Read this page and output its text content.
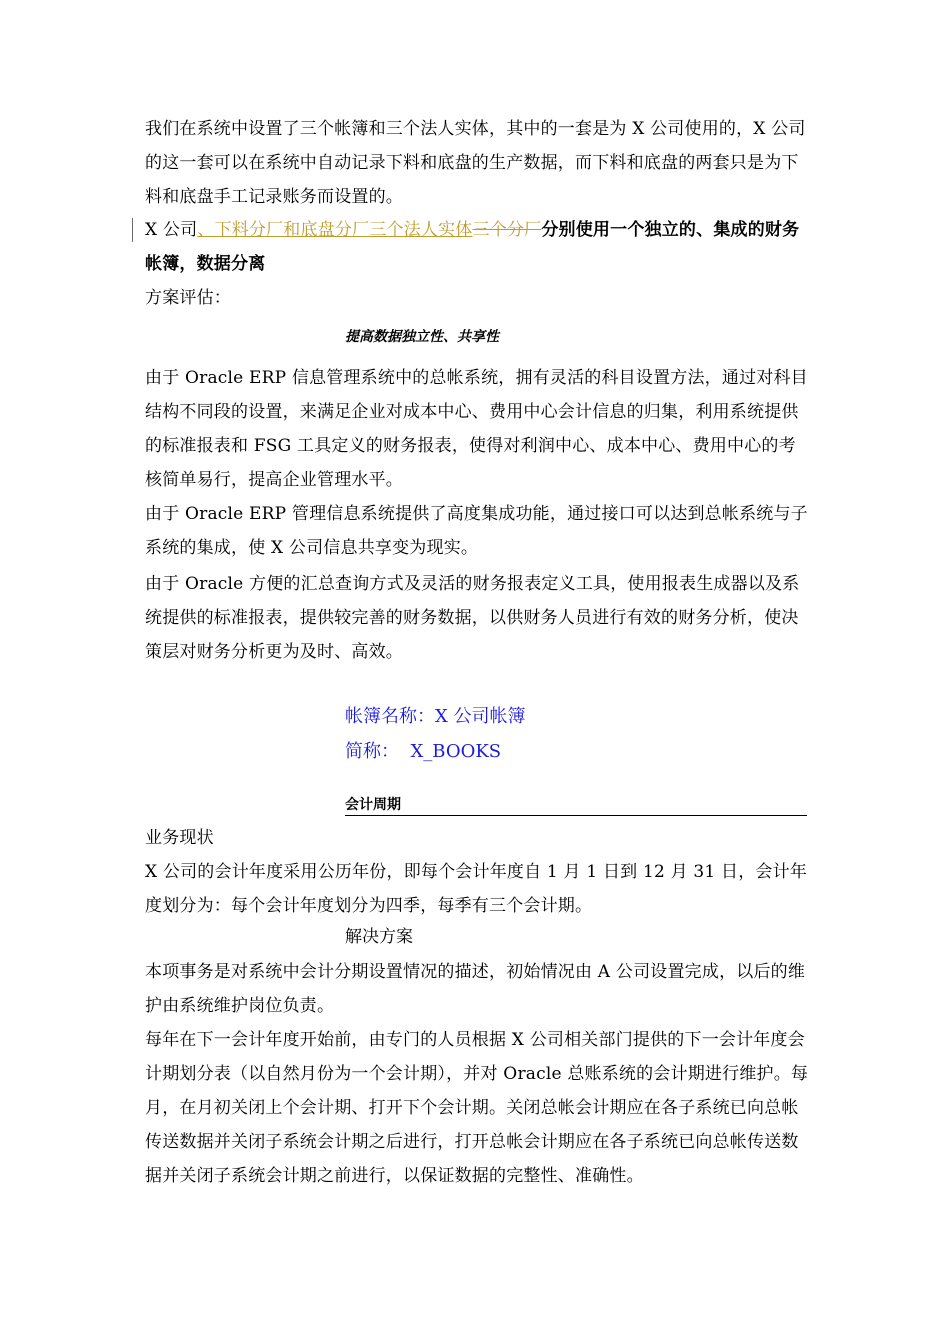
我们在系统中设置了三个帐簿和三个法人实体，其中的一套是为 X 公司使用的，X 公司的这一套可以在系统中自动记录下料和底盘的生产数据，而下料和底盘的两套只是为下料和底盘手工记录账务而设置的。

X 公司、下料分厂和底盘分厂三个法人实体三个分厂分别使用一个独立的、集成的财务帐簿，数据分离

方案评估：

提高数据独立性、共享性

由于 Oracle ERP 信息管理系统中的总帐系统，拥有灵活的科目设置方法，通过对科目结构不同段的设置，来满足企业对成本中心、费用中心会计信息的归集，利用系统提供的标准报表和 FSG 工具定义的财务报表，使得对利润中心、成本中心、费用中心的考核简单易行，提高企业管理水平。

由于 Oracle ERP 管理信息系统提供了高度集成功能，通过接口可以达到总帐系统与子系统的集成，使 X 公司信息共享变为现实。

由于 Oracle 方便的汇总查询方式及灵活的财务报表定义工具，使用报表生成器以及系统提供的标准报表，提供较完善的财务数据，以供财务人员进行有效的财务分析，使决策层对财务分析更为及时、高效。

帐簿名称：X 公司帐簿
简称：  X_BOOKS
会计周期

业务现状

X 公司的会计年度采用公历年份，即每个会计年度自 1 月 1 日到 12 月 31 日，会计年度划分为：每个会计年度划分为四季，每季有三个会计期。

解决方案

本项事务是对系统中会计分期设置情况的描述，初始情况由 A 公司设置完成，以后的维护由系统维护岗位负责。

每年在下一会计年度开始前，由专门的人员根据 X 公司相关部门提供的下一会计年度会计期划分表（以自然月份为一个会计期），并对 Oracle 总账系统的会计期进行维护。每月，在月初关闭上个会计期、打开下个会计期。关闭总帐会计期应在各子系统已向总帐传送数据并关闭子系统会计期之后进行，打开总帐会计期应在各子系统已向总帐传送数据并关闭子系统会计期之前进行，以保证数据的完整性、准确性。
